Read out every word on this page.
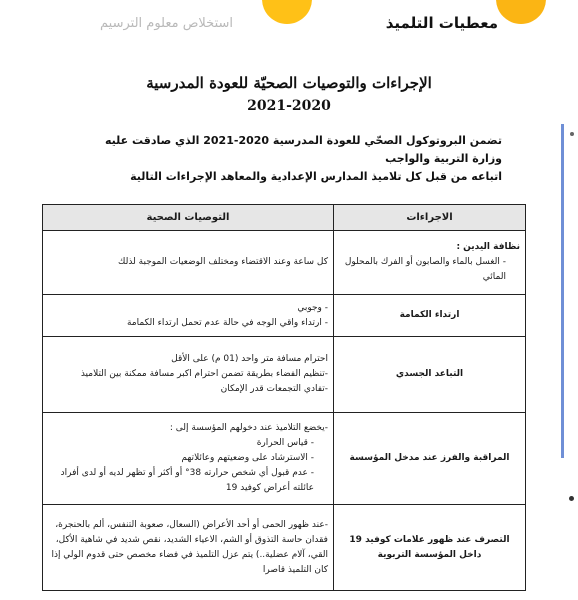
معطيات التلميذ
استخلاص معلوم الترسيم
الإجراءات والتوصيات الصحيّة للعودة المدرسية
2021-2020
تضمن البروتوكول الصحّي للعودة المدرسية 2020-2021 الذي صادقت عليه وزارة التربية والواجب
اتباعه من قبل كل تلاميذ المدارس الإعدادية والمعاهد الإجراءات التالية
الاجراءات	التوصيات الصحية

نظافة اليدين :
- الغسل بالماء والصابون أو الفرك بالمحلول المائي	كل ساعة وعند الاقتضاء ومختلف الوضعيات الموجبة لذلك
ارتداء الكمامة	- وجوبي
- ارتداء واقي الوجه في حالة عدم تحمل ارتداء الكمامة

التباعد الجسدي	احترام مسافة متر واحد (01 م) على الأقل
-تنظيم الفضاء بطريقة تضمن احترام اكبر مسافة ممكنة بين التلاميذ
-تفادي التجمعات قدر الإمكان

المراقبة والفرز عند مدخل المؤسسة	-يخضع التلاميذ عند دخولهم المؤسسة إلى :
- قياس الحرارة
- الاسترشاد على وضعيتهم وعائلاتهم
- عدم قبول أي شخص حرارته 38° أو أكثر أو تظهر لديه أو لدى أفراد عائلته أعراض كوفيد 19

التصرف عند ظهور علامات كوفيد 19 داخل المؤسسة التربوية	-عند ظهور الحمى أو أحد الأعراض (السعال، صعوبة التنفس، ألم بالحنجرة، فقدان حاسة التذوق أو الشم، الاعياء الشديد، نقص شديد في شاهية الأكل، القي، آلام عضلية..) يتم عزل التلميذ في فضاء مخصص حتى قدوم الولي إذا كان التلميذ قاصرا
